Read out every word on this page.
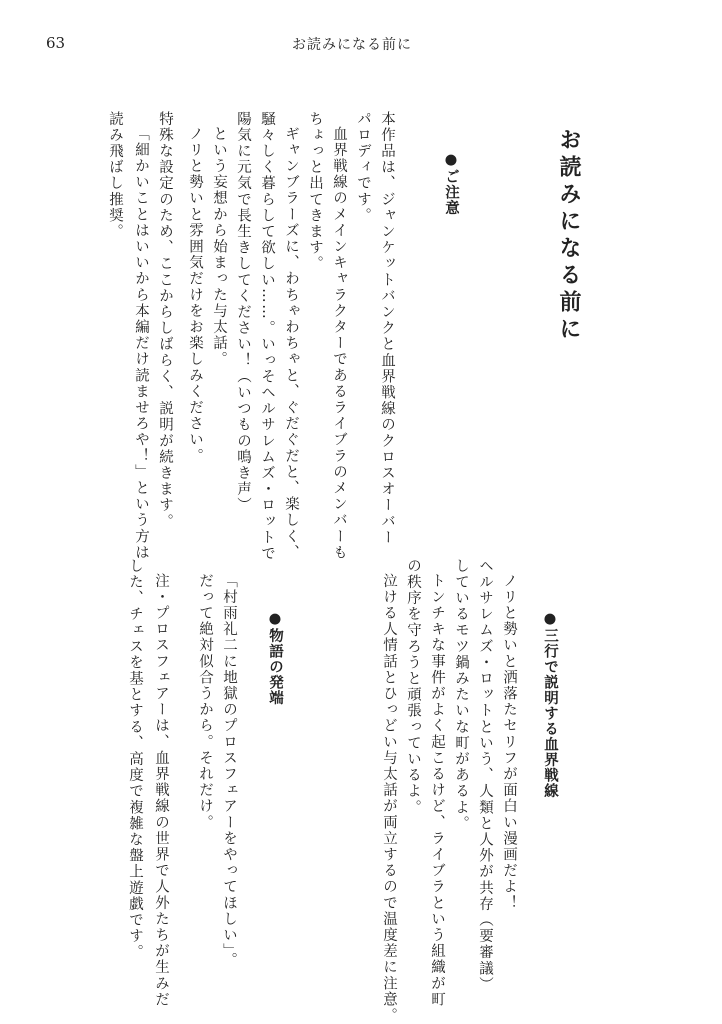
63	お読みになる前に
お読みになる前に
●ご注意
本作品は、ジャンケットバンクと血界戦線のクロスオーバー
パロディです。
血界戦線のメインキャラクターであるライブラのメンバーも
ちょっと出てきます。
ギャンブラーズに、わちゃわちゃと、ぐだぐだと、楽しく、
騒々しく暮らして欲しい……。いっそヘルサレムズ・ロットで
陽気に元気で長生きしてください！（いつもの鳴き声）
という妄想から始まった与太話。
ノリと勢いと雰囲気だけをお楽しみください。
特殊な設定のため、ここからしばらく、説明が続きます。
「細かいことはいいから本編だけ読ませろや！」という方は
読み飛ばし推奨。
●三行で説明する血界戦線
ノリと勢いと洒落たセリフが面白い漫画だよ！
ヘルサレムズ・ロットという、人類と人外が共存（要審議）
しているモツ鍋みたいな町があるよ。
トンチキな事件がよく起こるけど、ライブラという組織が町
の秩序を守ろうと頑張っているよ。
泣ける人情話とひっどい与太話が両立するので温度差に注意。
●物語の発端
「村雨礼二に地獄のプロスフェアーをやってほしい」。
だって絶対似合うから。それだけ。
注・プロスフェアーは、血界戦線の世界で人外たちが生みだ
した、チェスを基とする、高度で複雑な盤上遊戯です。
